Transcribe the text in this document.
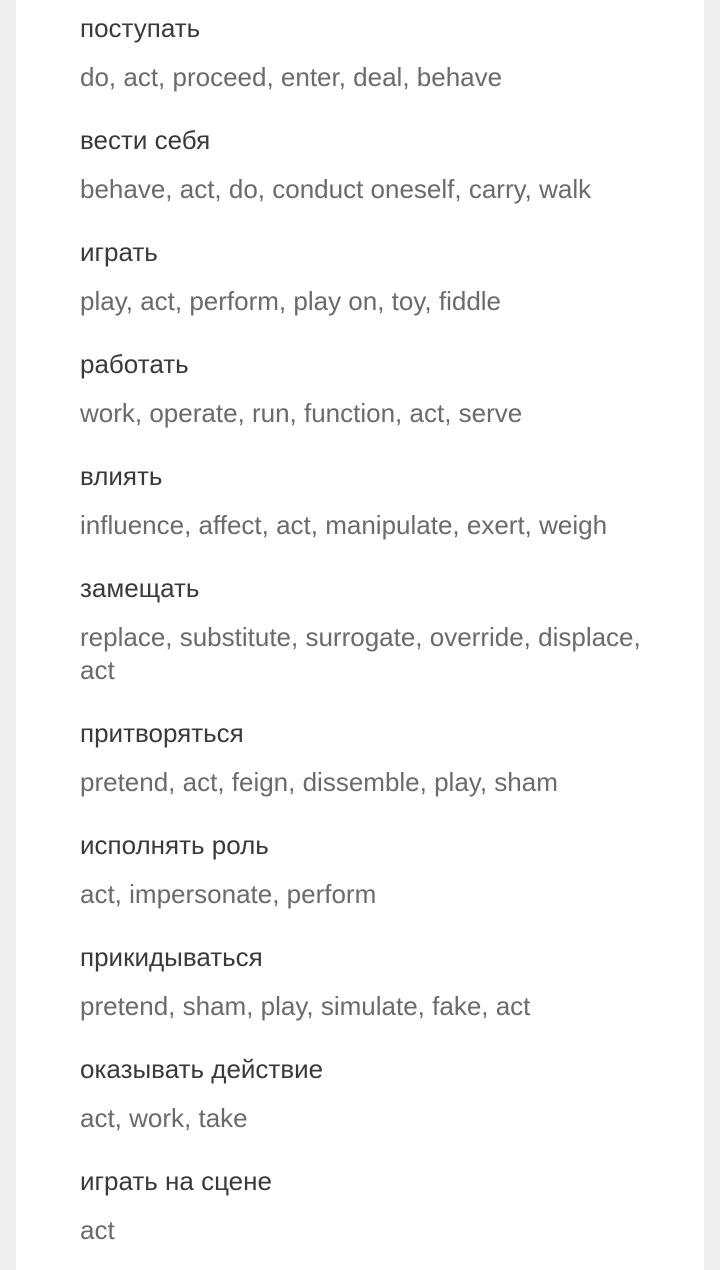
поступать
do, act, proceed, enter, deal, behave
вести себя
behave, act, do, conduct oneself, carry, walk
играть
play, act, perform, play on, toy, fiddle
работать
work, operate, run, function, act, serve
влиять
influence, affect, act, manipulate, exert, weigh
замещать
replace, substitute, surrogate, override, displace, act
притворяться
pretend, act, feign, dissemble, play, sham
исполнять роль
act, impersonate, perform
прикидываться
pretend, sham, play, simulate, fake, act
оказывать действие
act, work, take
играть на сцене
act
